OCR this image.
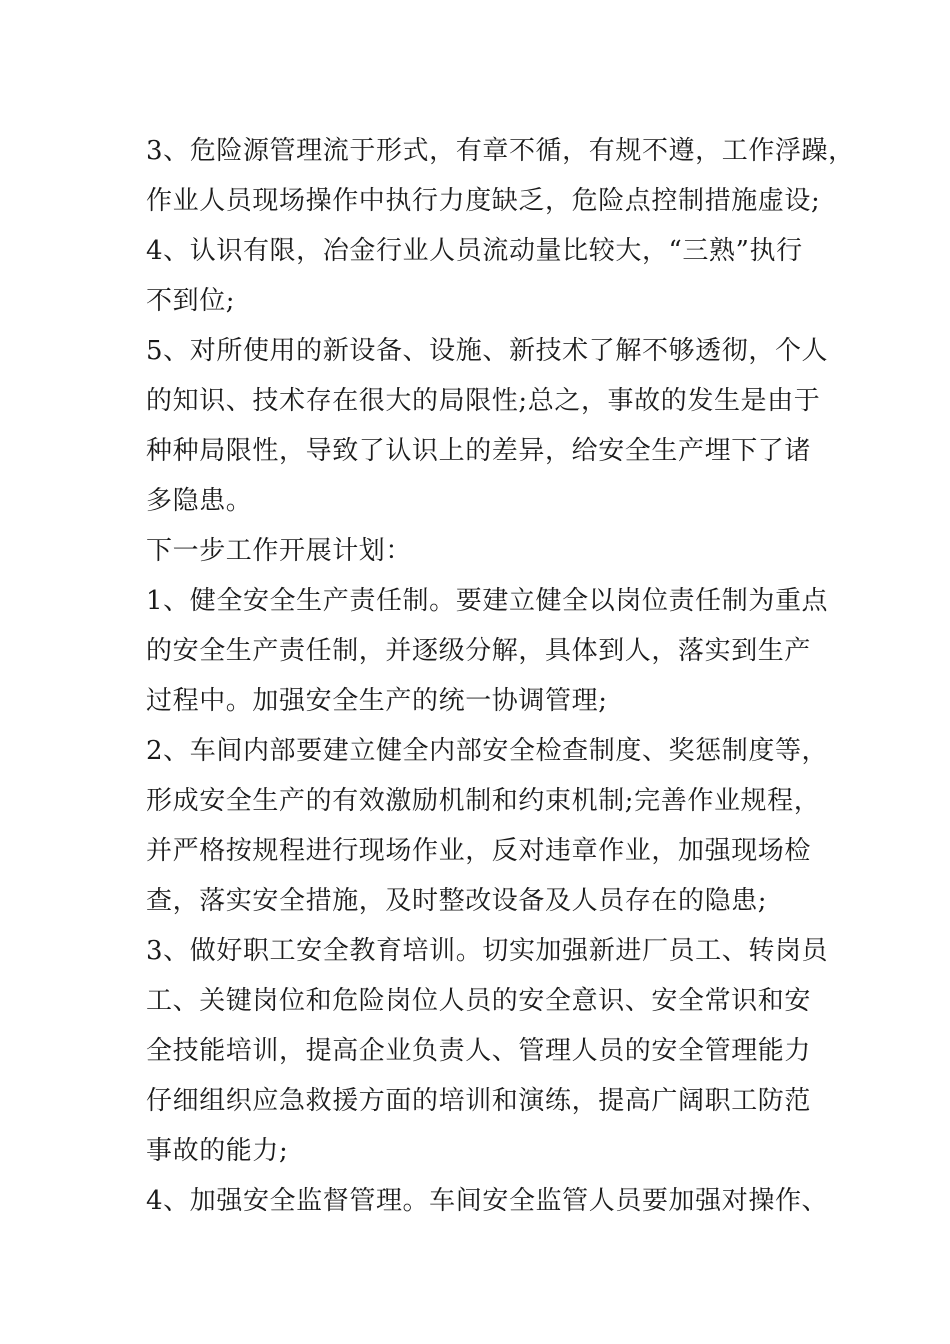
3、危险源管理流于形式，有章不循，有规不遵，工作浮躁，
作业人员现场操作中执行力度缺乏，危险点控制措施虚设;
4、认识有限，冶金行业人员流动量比较大，“三熟”执行
不到位;
5、对所使用的新设备、设施、新技术了解不够透彻，个人
的知识、技术存在很大的局限性;总之，事故的发生是由于
种种局限性，导致了认识上的差异，给安全生产埋下了诸
多隐患。
下一步工作开展计划：
1、健全安全生产责任制。要建立健全以岗位责任制为重点
的安全生产责任制，并逐级分解，具体到人，落实到生产
过程中。加强安全生产的统一协调管理;
2、车间内部要建立健全内部安全检查制度、奖惩制度等，
形成安全生产的有效激励机制和约束机制;完善作业规程，
并严格按规程进行现场作业，反对违章作业，加强现场检
查，落实安全措施，及时整改设备及人员存在的隐患;
3、做好职工安全教育培训。切实加强新进厂员工、转岗员
工、关键岗位和危险岗位人员的安全意识、安全常识和安
全技能培训，提高企业负责人、管理人员的安全管理能力
仔细组织应急救援方面的培训和演练，提高广阔职工防范
事故的能力;
4、加强安全监督管理。车间安全监管人员要加强对操作、
